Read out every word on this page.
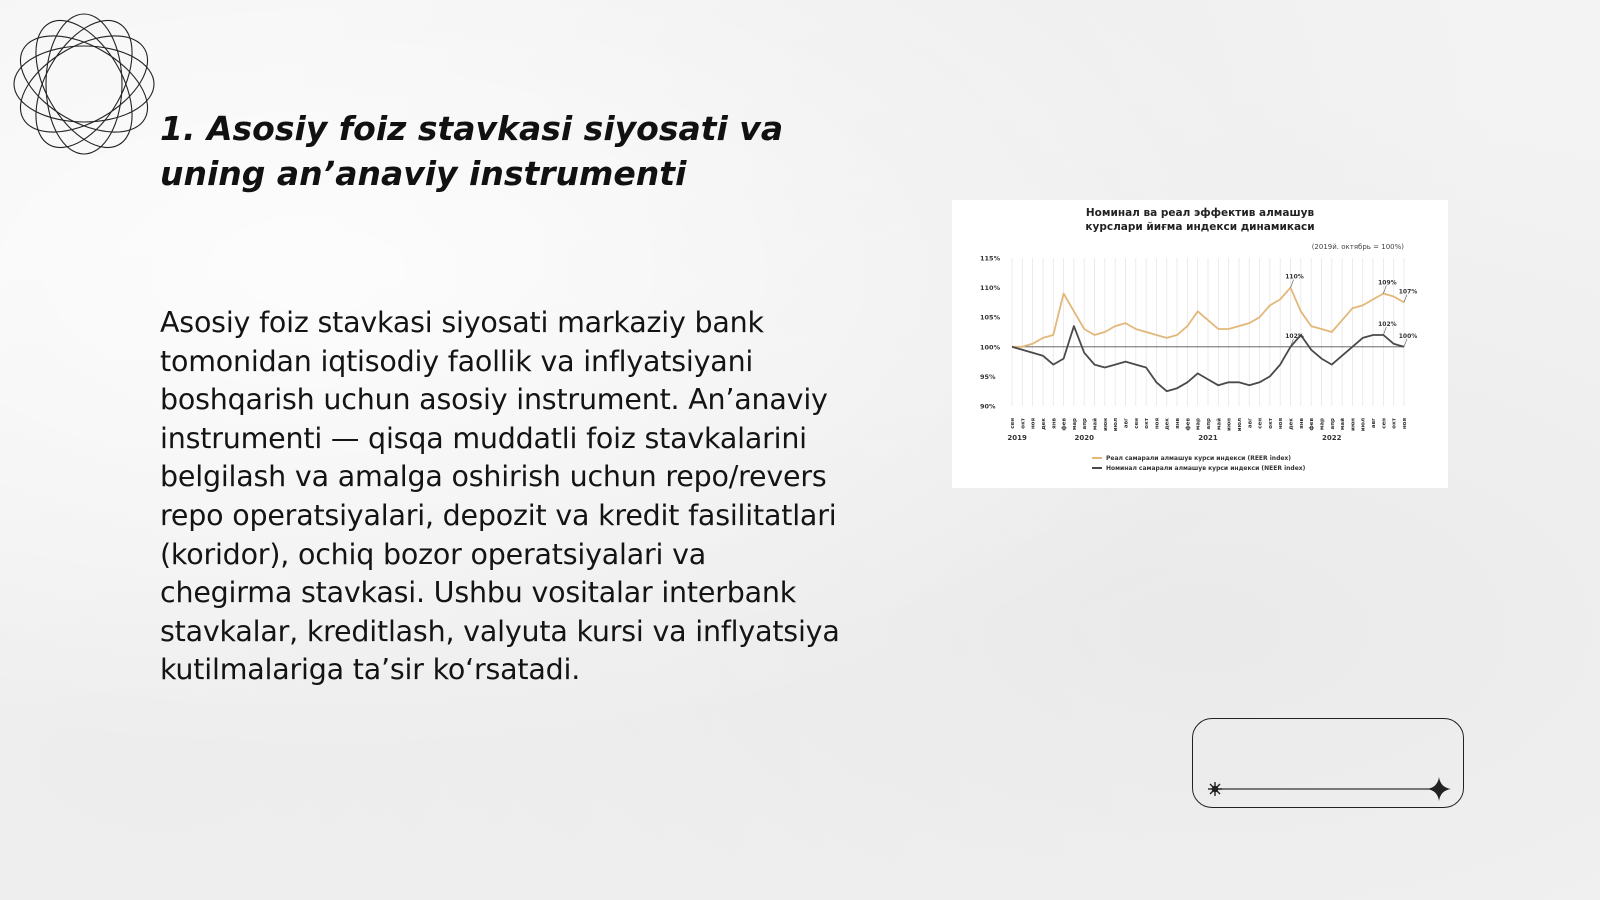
1. Asosiy foiz stavkasi siyosati va uning an’anaviy instrumenti

Asosiy foiz stavkasi siyosati markaziy bank tomonidan iqtisodiy faollik va inflyatsiyani boshqarish uchun asosiy instrument. An’anaviy instrumenti — qisqa muddatli foiz stavkalarini belgilash va amalga oshirish uchun repo/revers repo operatsiyalari, depozit va kredit fasilitatlari (koridor), ochiq bozor operatsiyalari va chegirma stavkasi. Ushbu vositalar interbank stavkalar, kreditlash, valyuta kursi va inflyatsiya kutilmalariga ta’sir ko‘rsatadi.

Номинал ва реал эффектив алмашув
курслари йиғма индекси динамикаси
(2019й. октябрь = 100%)
115%
110%
105%
100%
95%
90%
сен окт ноя дек янв фев мар апр май июн июл авг сен окт ноя дек янв фев мар апр май июн июл авг сен окт ноя дек янв фев мар апр май июн июл авг сен окт ноя
2019	2020	2021	2022
110%
109%
107%
102%
102%
100%
Реал самарали алмашув курси индекси (REER index)
Номинал самарали алмашув курси индекси (NEER index)
